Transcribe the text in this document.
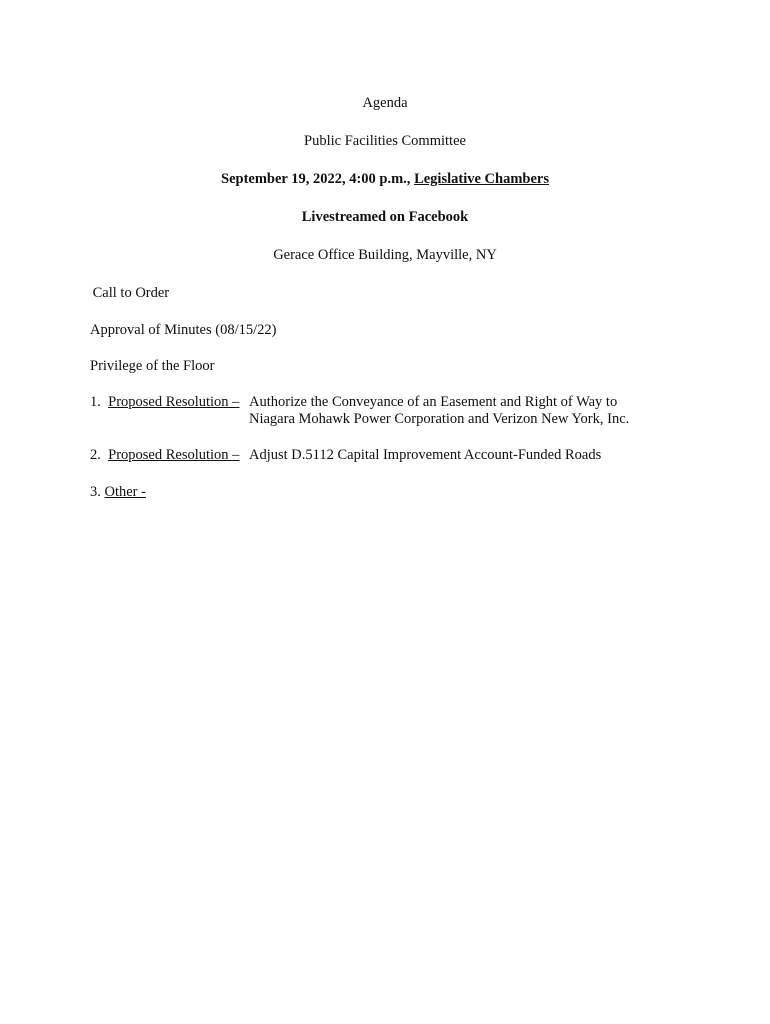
Agenda
Public Facilities Committee
September 19, 2022, 4:00 p.m., Legislative Chambers
Livestreamed on Facebook
Gerace Office Building, Mayville, NY
Call to Order
Approval of Minutes (08/15/22)
Privilege of the Floor
1. Proposed Resolution – Authorize the Conveyance of an Easement and Right of Way to
Niagara Mohawk Power Corporation and Verizon New York, Inc.
2. Proposed Resolution – Adjust D.5112 Capital Improvement Account-Funded Roads
3. Other -
